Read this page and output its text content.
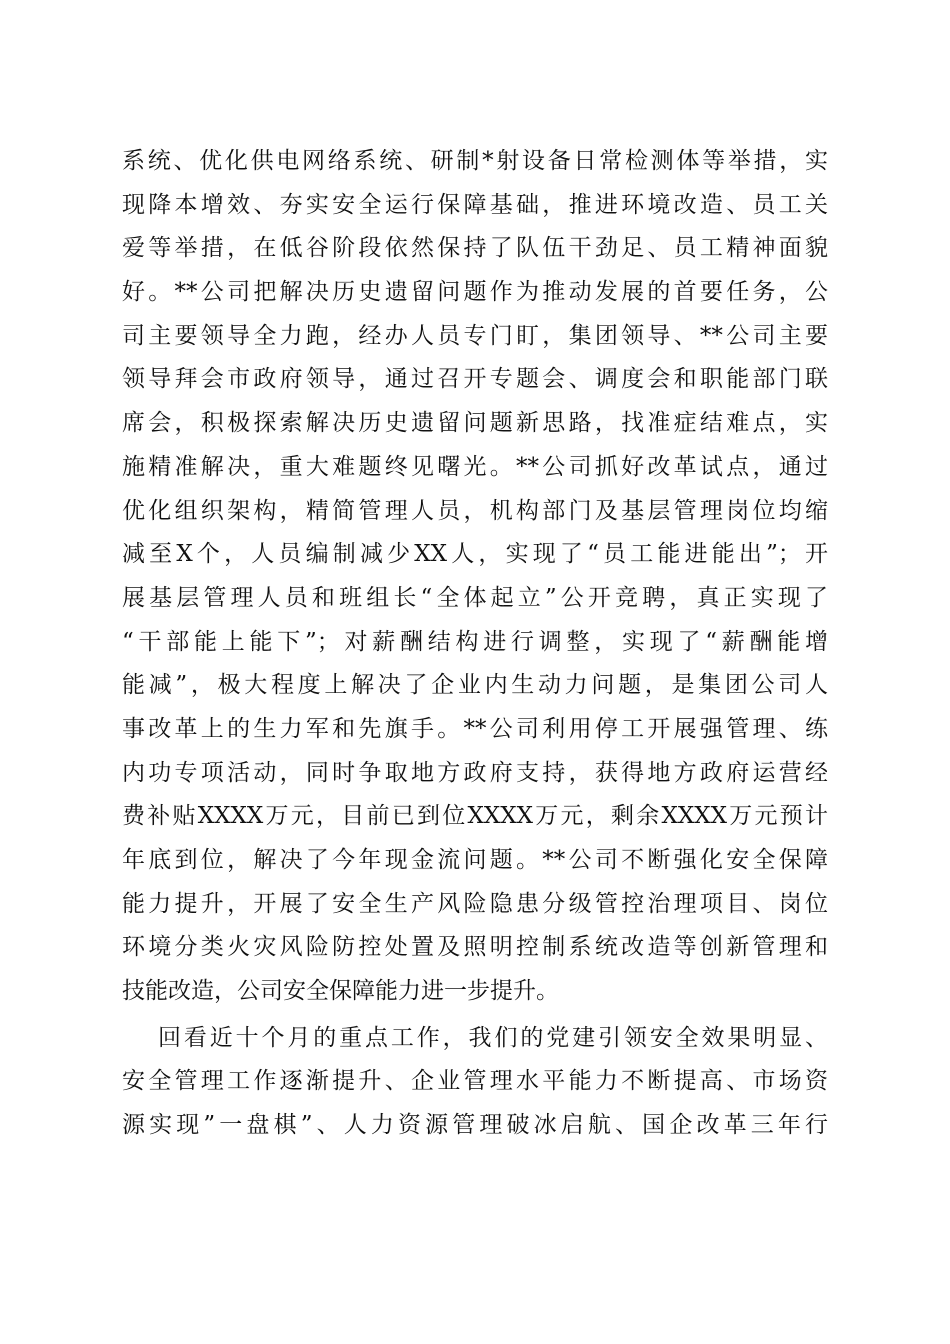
系统、优化供电网络系统、研制*射设备日常检测体等举措，实
现降本增效、夯实安全运行保障基础，推进环境改造、员工关
爱等举措，在低谷阶段依然保持了队伍干劲足、员工精神面貌
好。**公司把解决历史遗留问题作为推动发展的首要任务，公
司主要领导全力跑，经办人员专门盯，集团领导、**公司主要
领导拜会市政府领导，通过召开专题会、调度会和职能部门联
席会，积极探索解决历史遗留问题新思路，找准症结难点，实
施精准解决，重大难题终见曙光。**公司抓好改革试点，通过
优化组织架构，精简管理人员，机构部门及基层管理岗位均缩
减至X个，人员编制减少XX人，实现了“员工能进能出”；开
展基层管理人员和班组长“全体起立”公开竞聘，真正实现了
“干部能上能下”；对薪酬结构进行调整，实现了“薪酬能增
能减”，极大程度上解决了企业内生动力问题，是集团公司人
事改革上的生力军和先旗手。**公司利用停工开展强管理、练
内功专项活动，同时争取地方政府支持，获得地方政府运营经
费补贴XXXX万元，目前已到位XXXX万元，剩余XXXX万元预计
年底到位，解决了今年现金流问题。**公司不断强化安全保障
能力提升，开展了安全生产风险隐患分级管控治理项目、岗位
环境分类火灾风险防控处置及照明控制系统改造等创新管理和
技能改造，公司安全保障能力进一步提升。
回看近十个月的重点工作，我们的党建引领安全效果明显、
安全管理工作逐渐提升、企业管理水平能力不断提高、市场资
源实现”一盘棋”、人力资源管理破冰启航、国企改革三年行
